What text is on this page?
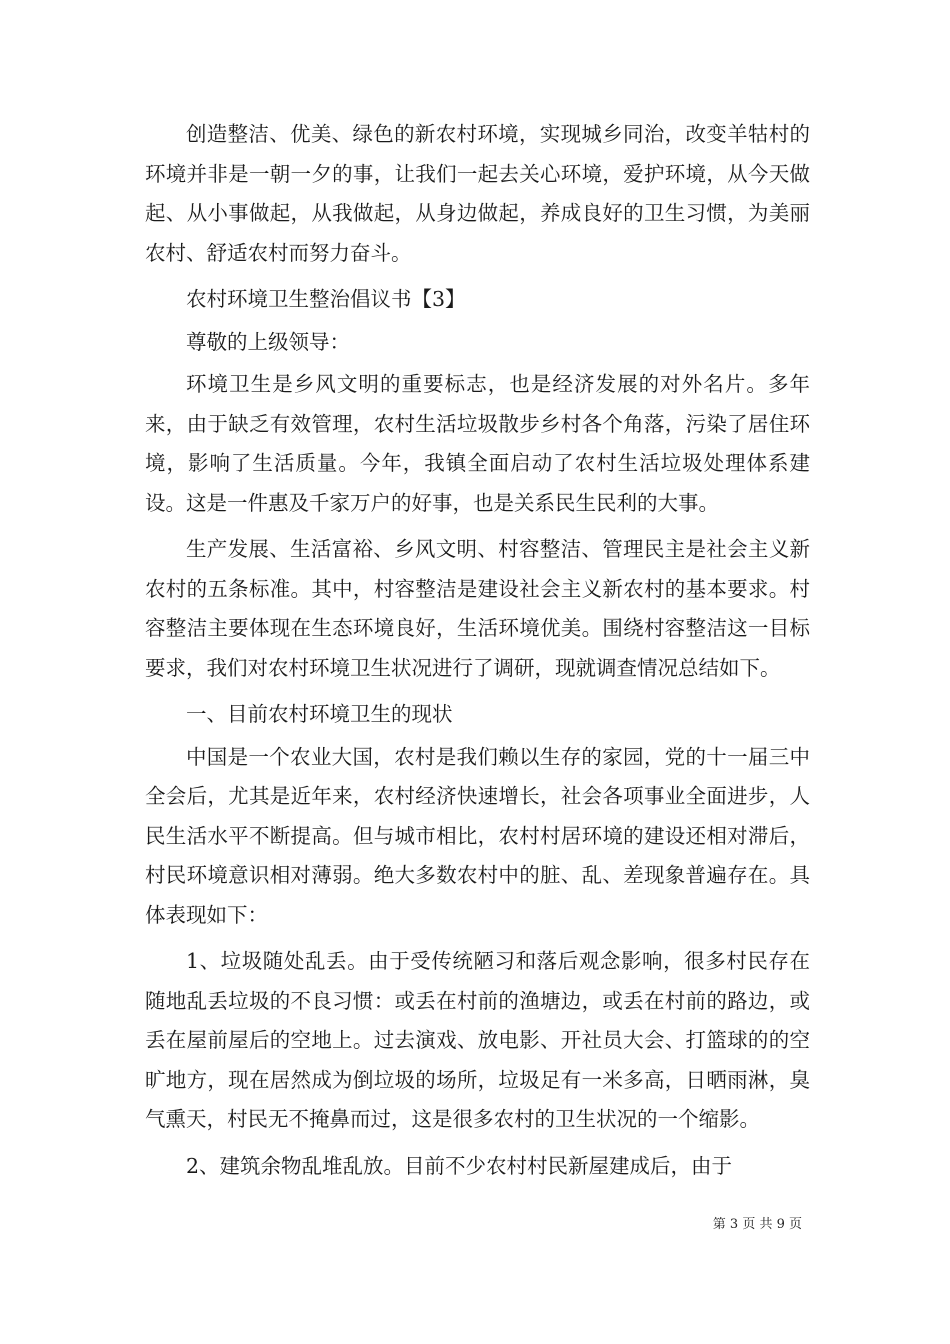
创造整洁、优美、绿色的新农村环境，实现城乡同治，改变羊牯村的环境并非是一朝一夕的事，让我们一起去关心环境，爱护环境，从今天做起、从小事做起，从我做起，从身边做起，养成良好的卫生习惯，为美丽农村、舒适农村而努力奋斗。

农村环境卫生整治倡议书【3】

尊敬的上级领导：

环境卫生是乡风文明的重要标志，也是经济发展的对外名片。多年来，由于缺乏有效管理，农村生活垃圾散步乡村各个角落，污染了居住环境，影响了生活质量。今年，我镇全面启动了农村生活垃圾处理体系建设。这是一件惠及千家万户的好事，也是关系民生民利的大事。

生产发展、生活富裕、乡风文明、村容整洁、管理民主是社会主义新农村的五条标准。其中，村容整洁是建设社会主义新农村的基本要求。村容整洁主要体现在生态环境良好，生活环境优美。围绕村容整洁这一目标要求，我们对农村环境卫生状况进行了调研，现就调查情况总结如下。

一、目前农村环境卫生的现状

中国是一个农业大国，农村是我们赖以生存的家园，党的十一届三中全会后，尤其是近年来，农村经济快速增长，社会各项事业全面进步，人民生活水平不断提高。但与城市相比，农村村居环境的建设还相对滞后，村民环境意识相对薄弱。绝大多数农村中的脏、乱、差现象普遍存在。具体表现如下：

1、垃圾随处乱丢。由于受传统陋习和落后观念影响，很多村民存在随地乱丢垃圾的不良习惯：或丢在村前的渔塘边，或丢在村前的路边，或丢在屋前屋后的空地上。过去演戏、放电影、开社员大会、打篮球的的空旷地方，现在居然成为倒垃圾的场所，垃圾足有一米多高，日晒雨淋，臭气熏天，村民无不掩鼻而过，这是很多农村的卫生状况的一个缩影。

2、建筑余物乱堆乱放。目前不少农村村民新屋建成后，由于

第 3 页 共 9 页
